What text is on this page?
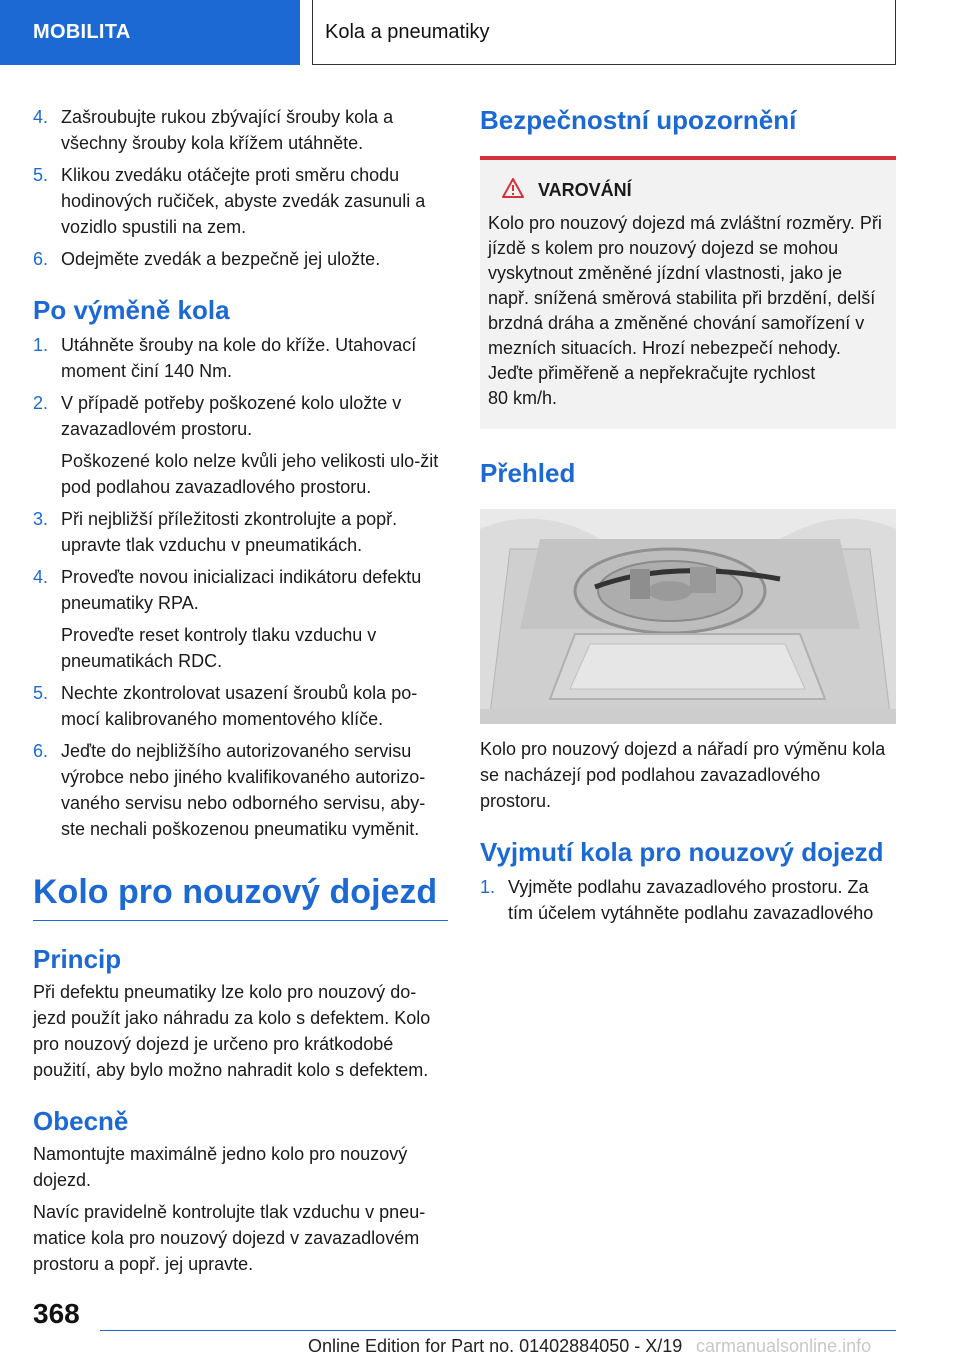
MOBILITA	Kola a pneumatiky
4. Zašroubujte rukou zbývající šrouby kola a všechny šrouby kola křížem utáhněte.
5. Klikou zvedáku otáčejte proti směru chodu hodinových ručiček, abyste zvedák zasunuli a vozidlo spustili na zem.
6. Odejměte zvedák a bezpečně jej uložte.
Po výměně kola
1. Utáhněte šrouby na kole do kříže. Utahovací moment činí 140 Nm.
2. V případě potřeby poškozené kolo uložte v zavazadlovém prostoru.
Poškozené kolo nelze kvůli jeho velikosti ulo‐žit pod podlahou zavazadlového prostoru.
3. Při nejbližší příležitosti zkontrolujte a popř. upravte tlak vzduchu v pneumatikách.
4. Proveďte novou inicializaci indikátoru defektu pneumatiky RPA.
Proveďte reset kontroly tlaku vzduchu v pneumatikách RDC.
5. Nechte zkontrolovat usazení šroubů kola po‐mocí kalibrovaného momentového klíče.
6. Jeďte do nejbližšího autorizovaného servisu výrobce nebo jiného kvalifikovaného autorizo‐vaného servisu nebo odborného servisu, aby‐ste nechali poškozenou pneumatiku vyměnit.
Kolo pro nouzový dojezd
Princip

Při defektu pneumatiky lze kolo pro nouzový do‐jezd použít jako náhradu za kolo s defektem. Kolo pro nouzový dojezd je určeno pro krátkodobé použití, aby bylo možno nahradit kolo s defektem.

Obecně

Namontujte maximálně jedno kolo pro nouzový dojezd.

Navíc pravidelně kontrolujte tlak vzduchu v pneu‐matice kola pro nouzový dojezd v zavazadlovém prostoru a popř. jej upravte.

Bezpečnostní upozornění
VAROVÁNÍ
Kolo pro nouzový dojezd má zvláštní rozměry. Při jízdě s kolem pro nouzový dojezd se mohou vyskytnout změněné jízdní vlastnosti, jako je např. snížená směrová stabilita při brzdění, delší brzdná dráha a změněné chování samořízení v mezních situacích. Hrozí nebezpečí nehody. Jeďte přiměřeně a nepřekračujte rychlost
80 km/h.
Přehled

Kolo pro nouzový dojezd a nářadí pro výměnu kola se nacházejí pod podlahou zavazadlového prostoru.

Vyjmutí kola pro nouzový dojezd
1. Vyjměte podlahu zavazadlového prostoru. Za tím účelem vytáhněte podlahu zavazadlového
368
Online Edition for Part no. 01402884050 - X/19 carmanualsonline.info
